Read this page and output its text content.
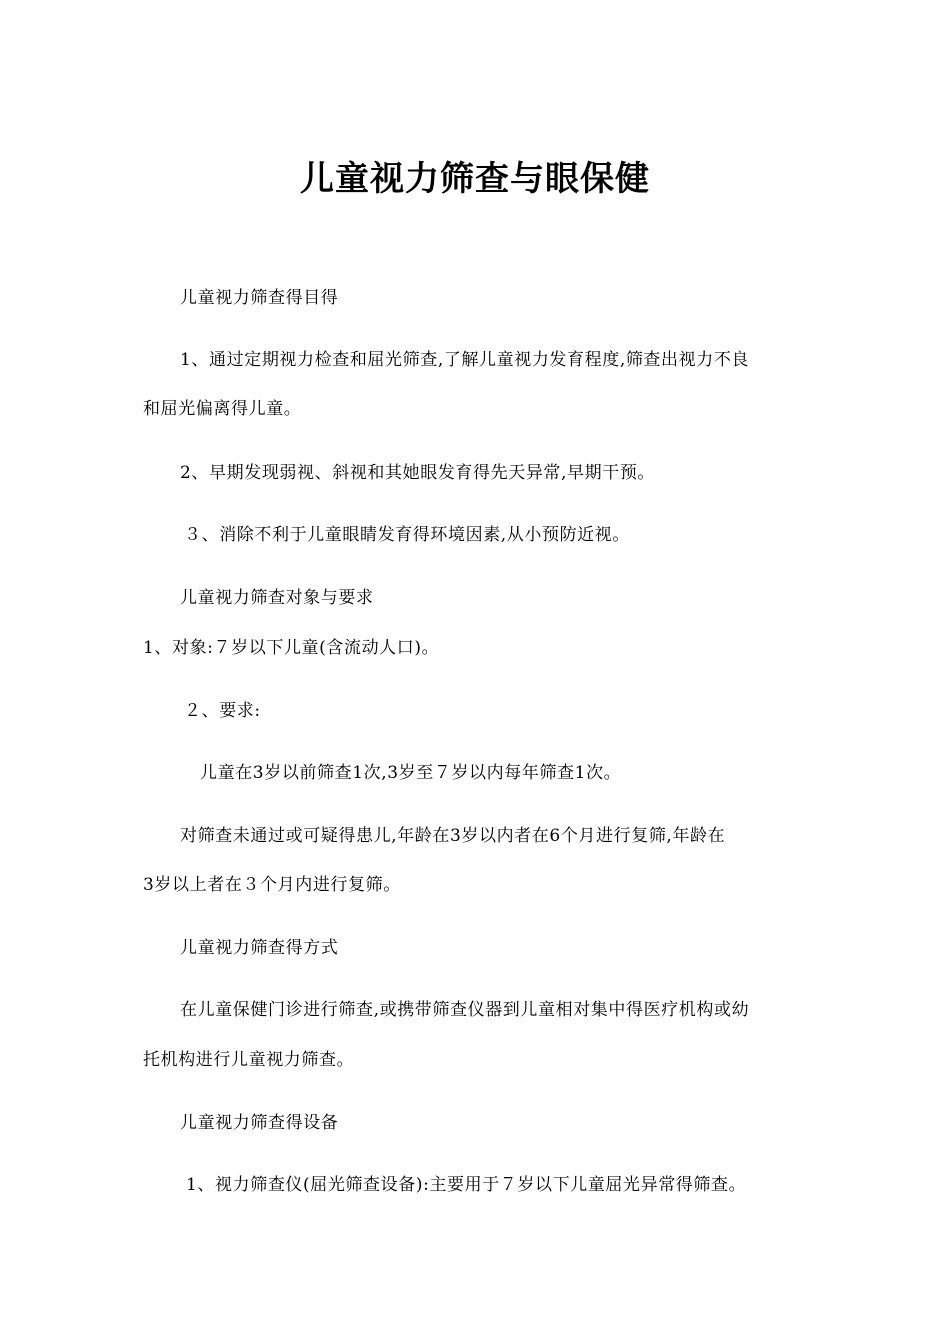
儿童视力筛查与眼保健
儿童视力筛查得目得
1、通过定期视力检查和屈光筛查,了解儿童视力发育程度,筛查出视力不良
和屈光偏离得儿童。
2、早期发现弱视、斜视和其她眼发育得先天异常,早期干预。
３、消除不利于儿童眼睛发育得环境因素,从小预防近视。
儿童视力筛查对象与要求
1、对象:７岁以下儿童(含流动人口)。
２、要求:
儿童在3岁以前筛查1次,3岁至７岁以内每年筛查1次。
对筛查未通过或可疑得患儿,年龄在3岁以内者在6个月进行复筛,年龄在
3岁以上者在３个月内进行复筛。
儿童视力筛查得方式
在儿童保健门诊进行筛查,或携带筛查仪器到儿童相对集中得医疗机构或幼
托机构进行儿童视力筛查。
儿童视力筛查得设备
1、视力筛查仪(屈光筛查设备):主要用于７岁以下儿童屈光异常得筛查。
